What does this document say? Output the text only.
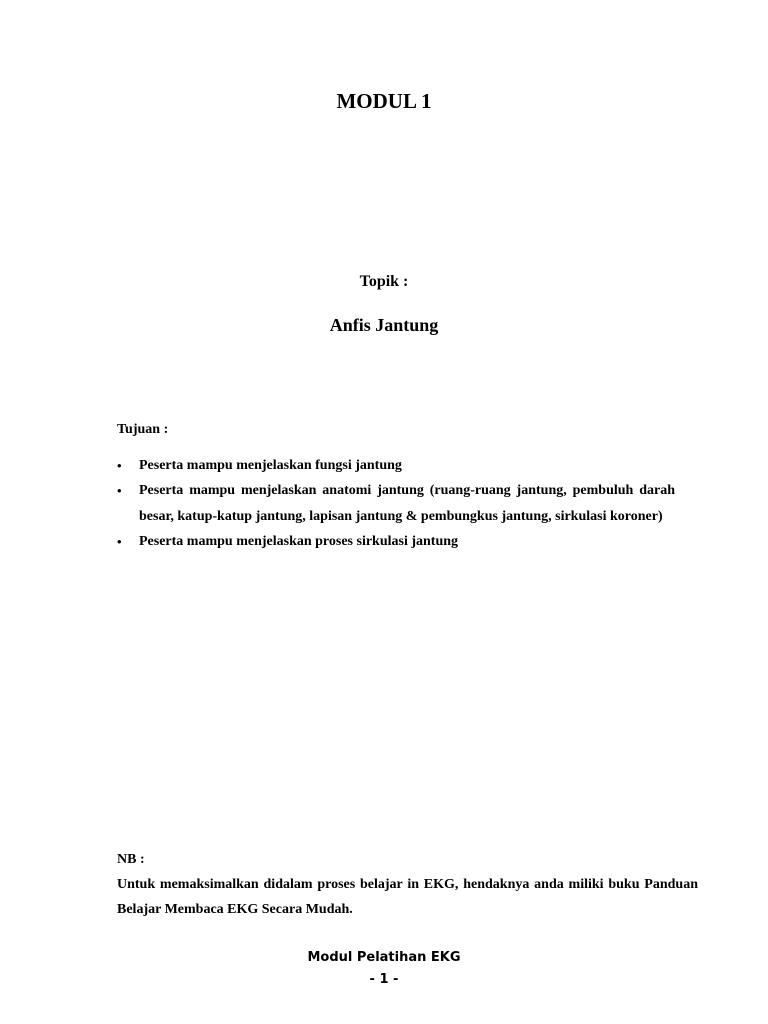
MODUL 1
Topik :
Anfis Jantung
Tujuan :
• Peserta mampu menjelaskan fungsi jantung
• Peserta mampu menjelaskan anatomi jantung (ruang-ruang jantung, pembuluh darah besar, katup-katup jantung, lapisan jantung & pembungkus jantung, sirkulasi koroner)
• Peserta mampu menjelaskan proses sirkulasi jantung
NB :
Untuk memaksimalkan didalam proses belajar in EKG, hendaknya anda miliki buku Panduan Belajar Membaca EKG Secara Mudah.
Modul Pelatihan EKG
- 1 -
